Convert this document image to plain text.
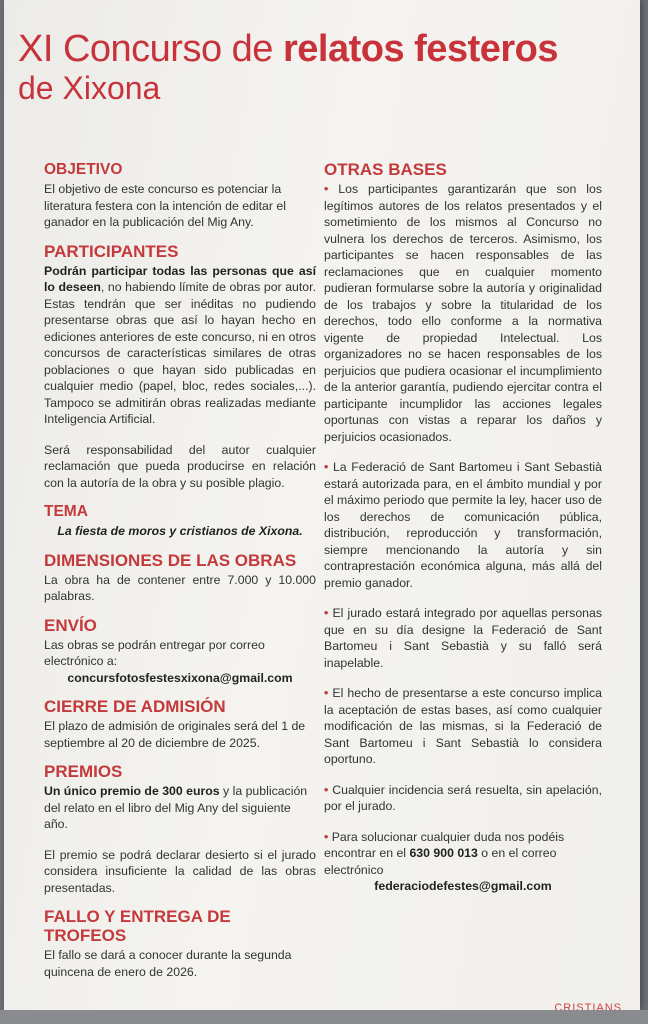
XI Concurso de relatos festeros

de Xixona

OBJETIVO

El objetivo de este concurso es potenciar la literatura festera con la intención de editar el ganador en la publicación del Mig Any.

PARTICIPANTES

Podrán participar todas las personas que así lo deseen, no habiendo límite de obras por autor. Estas tendrán que ser inéditas no pudiendo presentarse obras que así lo hayan hecho en ediciones anteriores de este concurso, ni en otros concursos de características similares de otras poblaciones o que hayan sido publicadas en cualquier medio (papel, bloc, redes sociales,...). Tampoco se admitirán obras realizadas mediante Inteligencia Artificial.

Será responsabilidad del autor cualquier reclamación que pueda producirse en relación con la autoría de la obra y su posible plagio.

TEMA

La fiesta de moros y cristianos de Xixona.

DIMENSIONES DE LAS OBRAS

La obra ha de contener entre 7.000 y 10.000 palabras.

ENVÍO

Las obras se podrán entregar por correo electrónico a:

concursfotosfestesxixona@gmail.com

CIERRE DE ADMISIÓN

El plazo de admisión de originales será del 1 de septiembre al 20 de diciembre de 2025.

PREMIOS

Un único premio de 300 euros y la publicación del relato en el libro del Mig Any del siguiente año.

El premio se podrá declarar desierto si el jurado considera insuficiente la calidad de las obras presentadas.

FALLO Y ENTREGA DE TROFEOS

El fallo se dará a conocer durante la segunda quincena de enero de 2026.

OTRAS BASES

• Los participantes garantizarán que son los legítimos autores de los relatos presentados y el sometimiento de los mismos al Concurso no vulnera los derechos de terceros. Asimismo, los participantes se hacen responsables de las reclamaciones que en cualquier momento pudieran formularse sobre la autoría y originalidad de los trabajos y sobre la titularidad de los derechos, todo ello conforme a la normativa vigente de propiedad Intelectual. Los organizadores no se hacen responsables de los perjuicios que pudiera ocasionar el incumplimiento de la anterior garantía, pudiendo ejercitar contra el participante incumplidor las acciones legales oportunas con vistas a reparar los daños y perjuicios ocasionados.

• La Federació de Sant Bartomeu i Sant Sebastià estará autorizada para, en el ámbito mundial y por el máximo periodo que permite la ley, hacer uso de los derechos de comunicación pública, distribución, reproducción y transformación, siempre mencionando la autoría y sin contraprestación económica alguna, más allá del premio ganador.

• El jurado estará integrado por aquellas personas que en su día designe la Federació de Sant Bartomeu i Sant Sebastià y su falló será inapelable.

• El hecho de presentarse a este concurso implica la aceptación de estas bases, así como cualquier modificación de las mismas, si la Federació de Sant Bartomeu i Sant Sebastià lo considera oportuno.

• Cualquier incidencia será resuelta, sin apelación, por el jurado.

• Para solucionar cualquier duda nos podéis encontrar en el 630 900 013 o en el correo electrónico

federaciodefestes@gmail.com

CRISTIANS
